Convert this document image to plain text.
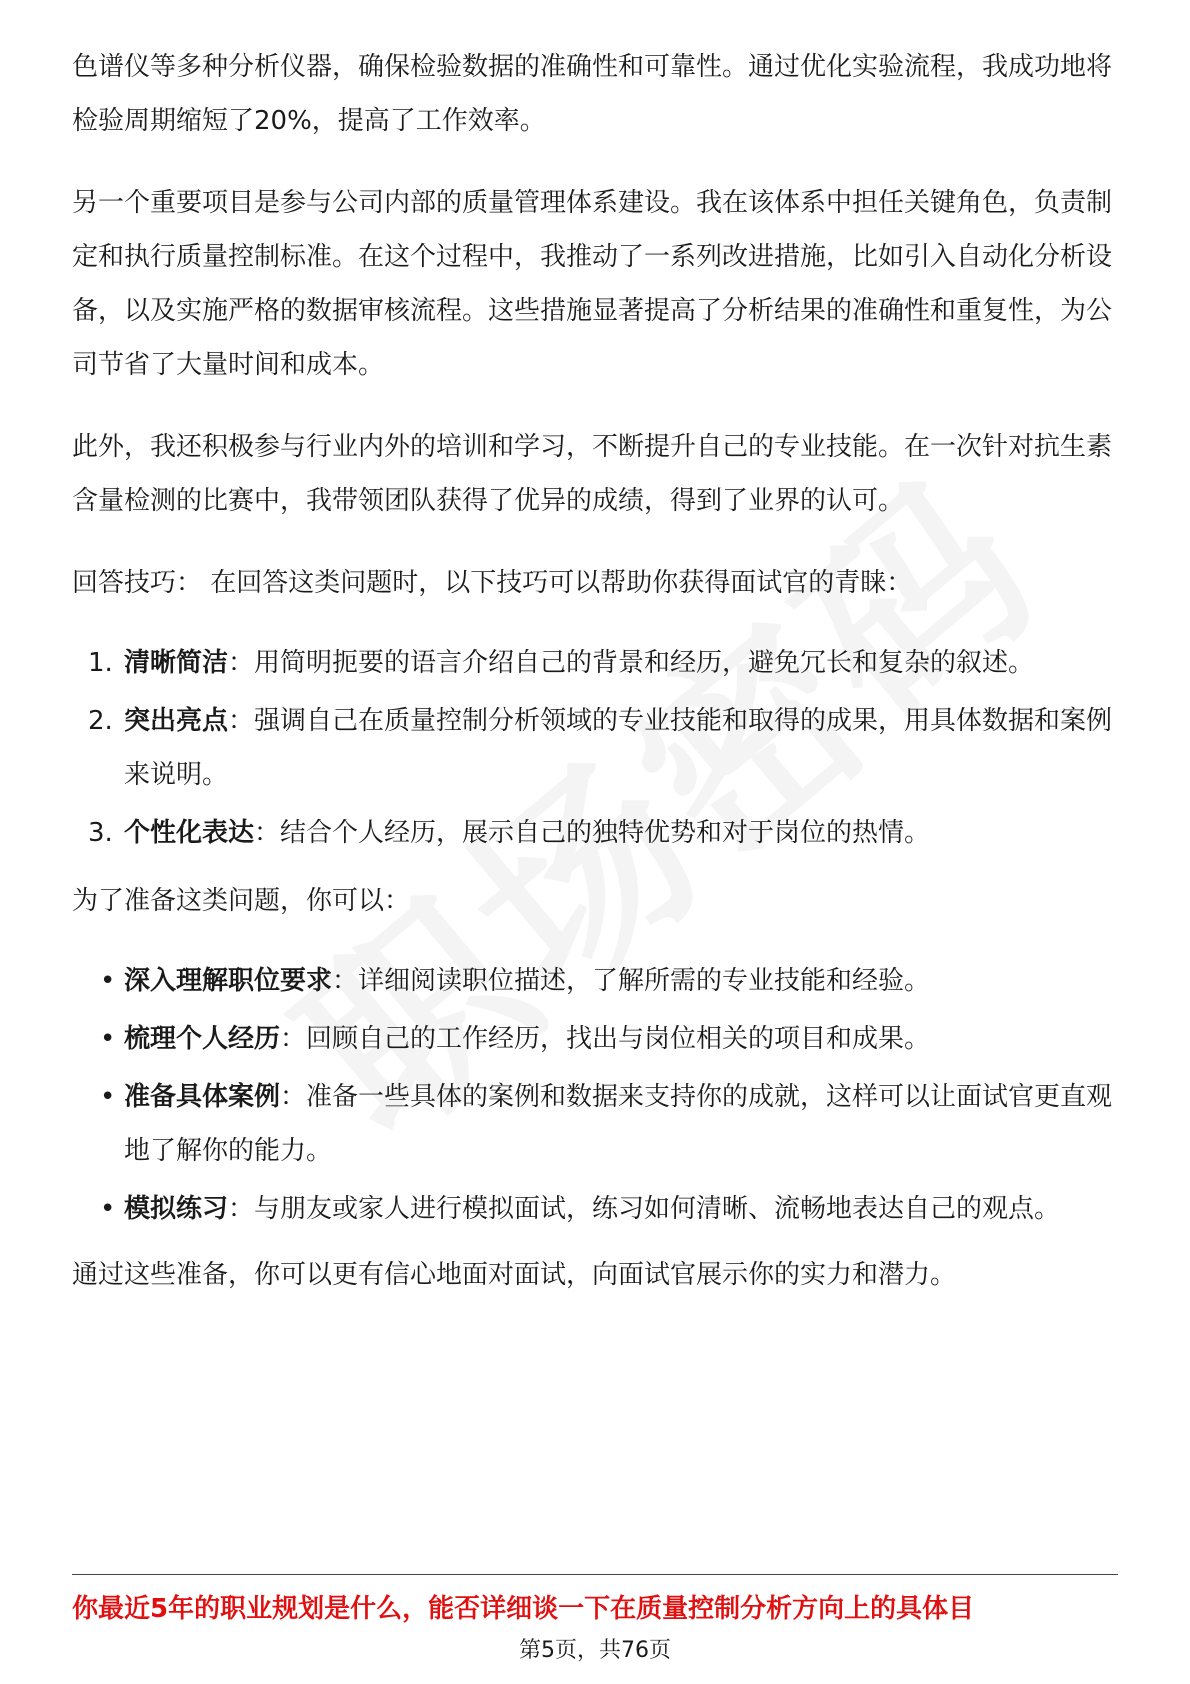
色谱仪等多种分析仪器，确保检验数据的准确性和可靠性。通过优化实验流程，我成功地将检验周期缩短了20%，提高了工作效率。

另一个重要项目是参与公司内部的质量管理体系建设。我在该体系中担任关键角色，负责制定和执行质量控制标准。在这个过程中，我推动了一系列改进措施，比如引入自动化分析设备，以及实施严格的数据审核流程。这些措施显著提高了分析结果的准确性和重复性，为公司节省了大量时间和成本。

此外，我还积极参与行业内外的培训和学习，不断提升自己的专业技能。在一次针对抗生素含量检测的比赛中，我带领团队获得了优异的成绩，得到了业界的认可。

回答技巧： 在回答这类问题时，以下技巧可以帮助你获得面试官的青睐：

1. 清晰简洁：用简明扼要的语言介绍自己的背景和经历，避免冗长和复杂的叙述。
2. 突出亮点：强调自己在质量控制分析领域的专业技能和取得的成果，用具体数据和案例来说明。
3. 个性化表达：结合个人经历，展示自己的独特优势和对于岗位的热情。

为了准备这类问题，你可以：

• 深入理解职位要求：详细阅读职位描述，了解所需的专业技能和经验。
• 梳理个人经历：回顾自己的工作经历，找出与岗位相关的项目和成果。
• 准备具体案例：准备一些具体的案例和数据来支持你的成就，这样可以让面试官更直观地了解你的能力。
• 模拟练习：与朋友或家人进行模拟面试，练习如何清晰、流畅地表达自己的观点。

通过这些准备，你可以更有信心地面对面试，向面试官展示你的实力和潜力。

你最近5年的职业规划是什么，能否详细谈一下在质量控制分析方向上的具体目
第5页，共76页
